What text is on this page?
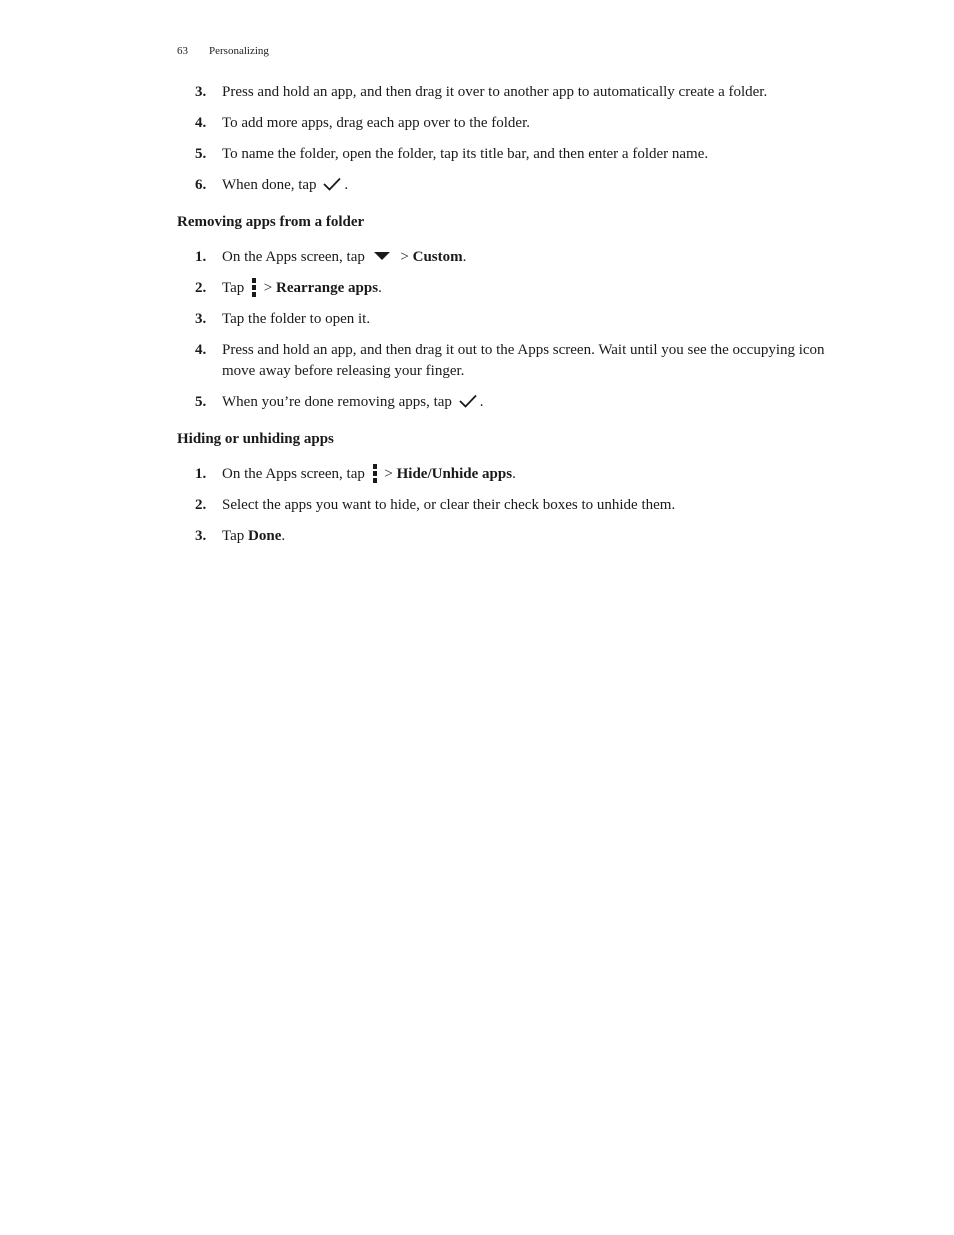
63 Personalizing
3. Press and hold an app, and then drag it over to another app to automatically create a folder.
4. To add more apps, drag each app over to the folder.
5. To name the folder, open the folder, tap its title bar, and then enter a folder name.
6. When done, tap .
Removing apps from a folder
1. On the Apps screen, tap > Custom.
2. Tap > Rearrange apps.
3. Tap the folder to open it.
4. Press and hold an app, and then drag it out to the Apps screen. Wait until you see the occupying icon move away before releasing your finger.
5. When you’re done removing apps, tap .
Hiding or unhiding apps
1. On the Apps screen, tap > Hide/Unhide apps.
2. Select the apps you want to hide, or clear their check boxes to unhide them.
3. Tap Done.
